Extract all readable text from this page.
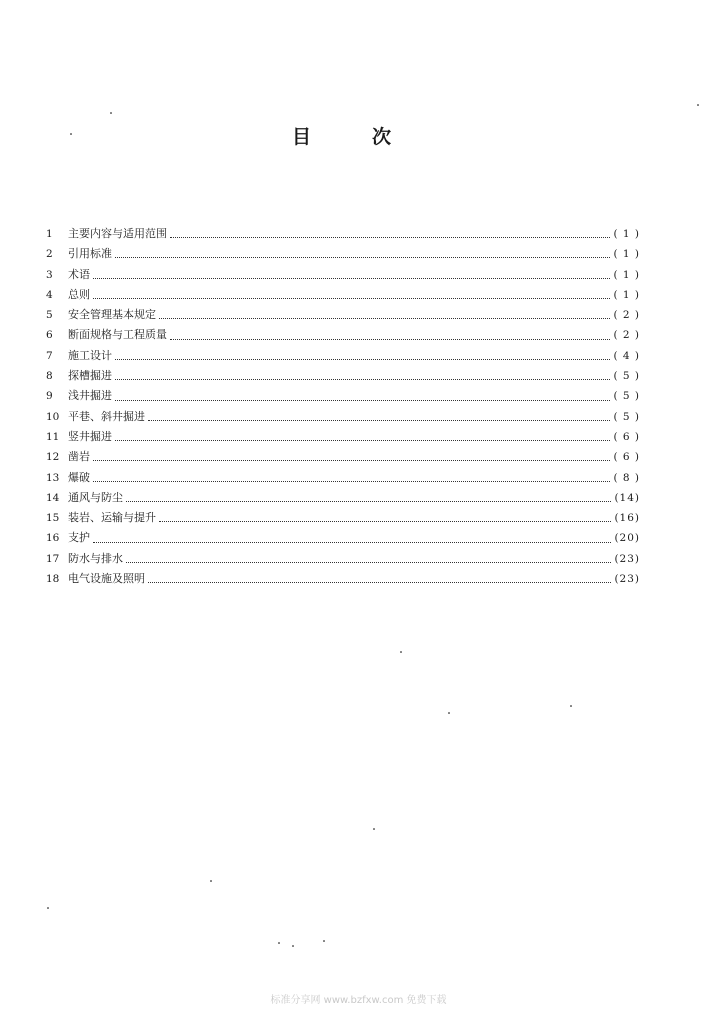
目	次
1	主要内容与适用范围	( 1 )
2	引用标准	( 1 )
3	术语	( 1 )
4	总则	( 1 )
5	安全管理基本规定	( 2 )
6	断面规格与工程质量	( 2 )
7	施工设计	( 4 )
8	探槽掘进	( 5 )
9	浅井掘进	( 5 )
10 平巷、斜井掘进	( 5 )
11 竖井掘进	( 6 )
12 凿岩	( 6 )
13 爆破	( 8 )
14 通风与防尘	(14)
15 装岩、运输与提升	(16)
16 支护	(20)
17 防水与排水	(23)
18 电气设施及照明	(23)
标准分享网 www.bzfxw.com 免费下载
